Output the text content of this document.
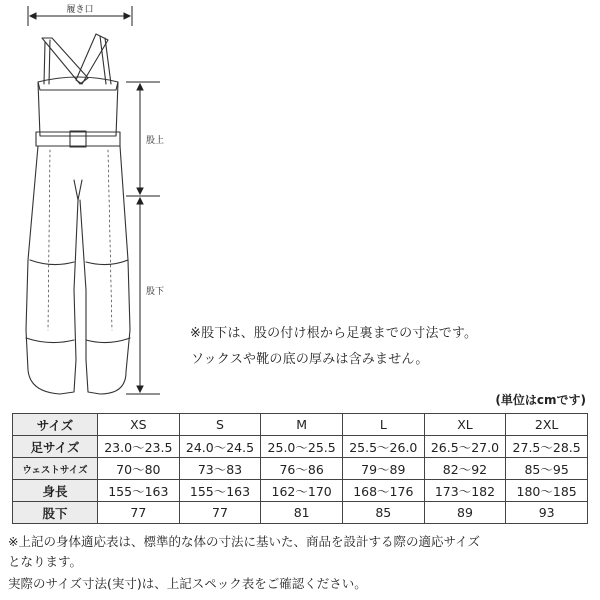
履き口
股上
股下
※股下は、股の付け根から足裏までの寸法です。
ソックスや靴の底の厚みは含みません。
(単位はcmです)
サイズ	XS	S	M	L	XL	2XL
足サイズ	23.0～23.5	24.0～24.5	25.0～25.5	25.5～26.0	26.5～27.0	27.5～28.5
ウェストサイズ	70～80	73～83	76～86	79～89	82～92	85～95
身長	155～163	155～163	162～170	168～176	173～182	180～185
股下	77	77	81	85	89	93
※上記の身体適応表は、標準的な体の寸法に基いた、商品を設計する際の適応サイズ
となります。
実際のサイズ寸法(実寸)は、上記スペック表をご確認ください。
